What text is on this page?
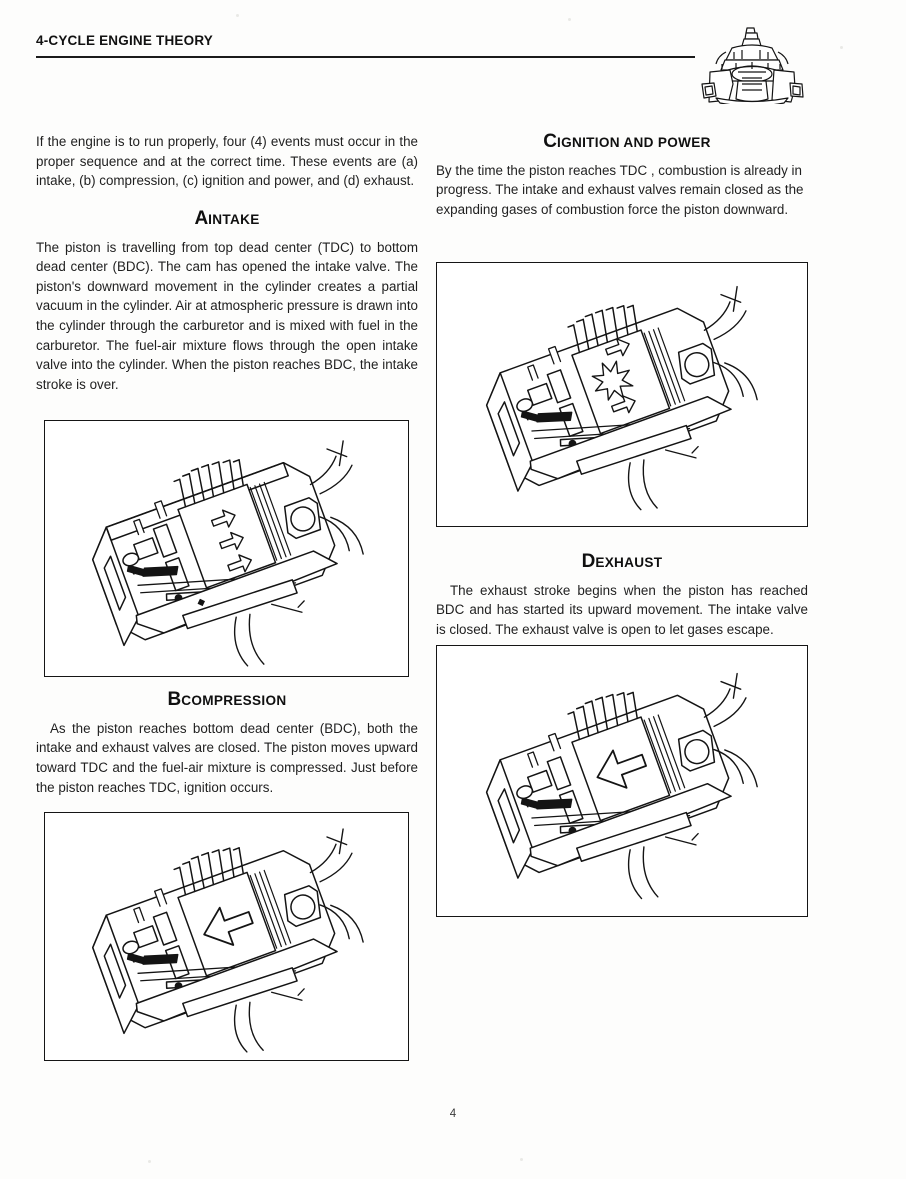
4-CYCLE ENGINE THEORY

If the engine is to run properly, four (4) events must occur in the proper sequence and at the correct time. These events are (a) intake, (b) compression, (c) ignition and power, and (d) exhaust.

AINTAKE

The piston is travelling from top dead center (TDC) to bottom dead center (BDC). The cam has opened the intake valve. The piston's downward movement in the cylinder creates a partial vacuum in the cylinder. Air at atmospheric pressure is drawn into the cylinder through the carburetor and is mixed with fuel in the carburetor. The fuel-air mixture flows through the open intake valve into the cylinder. When the piston reaches BDC, the intake stroke is over.

BCOMPRESSION

As the piston reaches bottom dead center (BDC), both the intake and exhaust valves are closed. The piston moves upward toward TDC and the fuel-air mixture is compressed. Just before the piston reaches TDC, ignition occurs.

CIGNITION AND POWER

By the time the piston reaches TDC , combustion is already in progress. The intake and exhaust valves remain closed as the expanding gases of combustion force the piston downward.

DEXHAUST

The exhaust stroke begins when the piston has reached BDC and has started its upward movement. The intake valve is closed. The exhaust valve is open to let gases escape.

4
